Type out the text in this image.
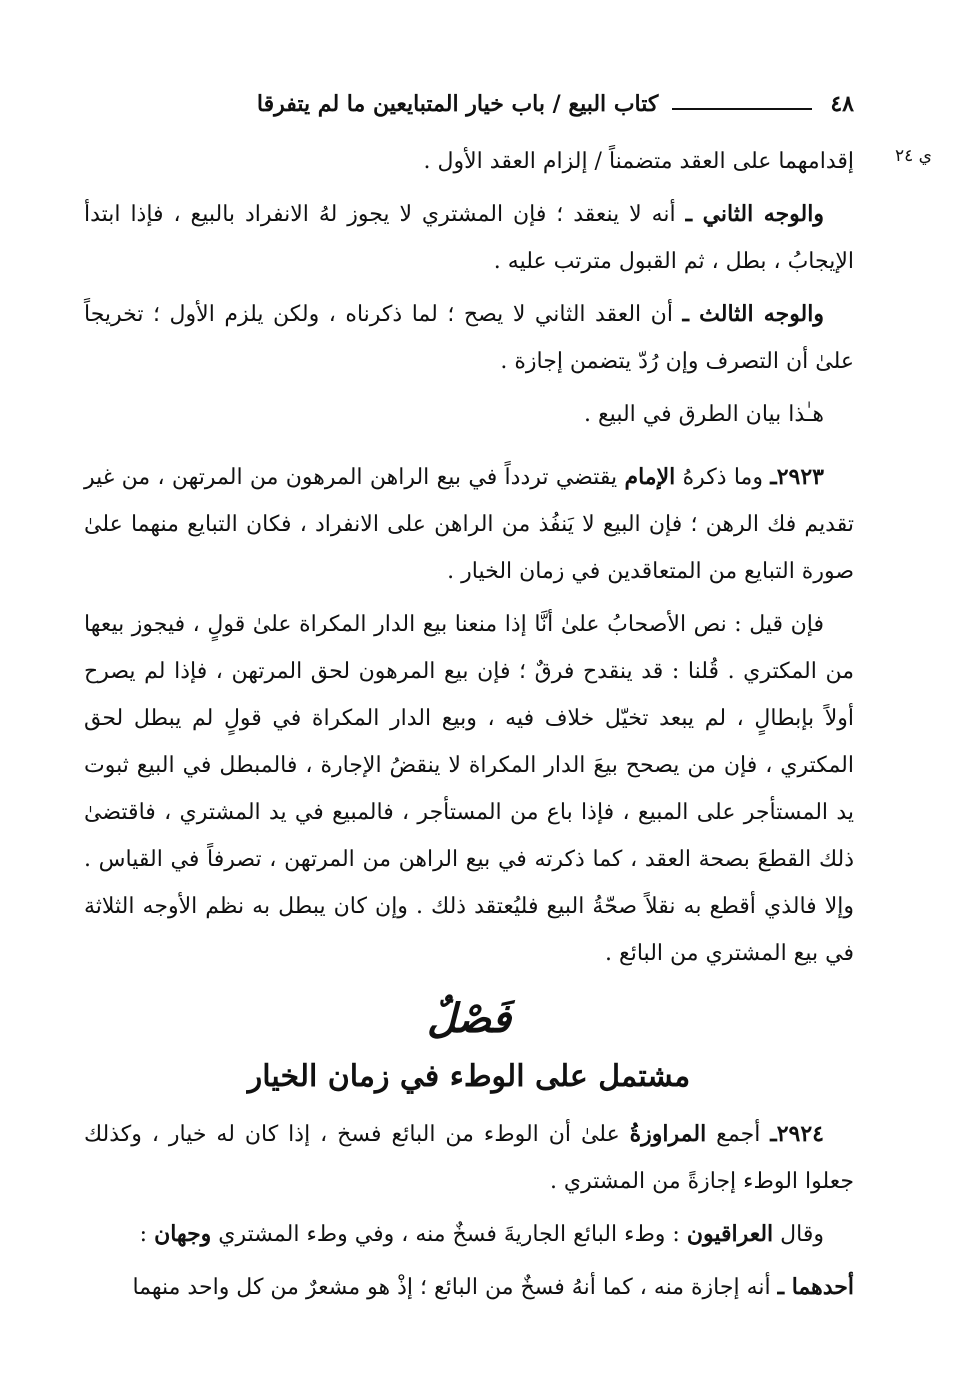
٤٨
كتاب البيع / باب خيار المتبايعين ما لم يتفرقا
ي ٢٤

إقدامهما على العقد متضمناً / إلزام العقد الأول .

والوجه الثاني ـ أنه لا ينعقد ؛ فإن المشتري لا يجوز لهُ الانفراد بالبيع ، فإذا ابتدأ الإيجابُ ، بطل ، ثم القبول مترتب عليه .

والوجه الثالث ـ أن العقد الثاني لا يصح ؛ لما ذكرناه ، ولكن يلزم الأول ؛ تخريجاً علىٰ أن التصرف وإن رُدّ يتضمن إجازة .

هـٰذا بيان الطرق في البيع .

٢٩٢٣ـ وما ذكرهُ الإمام يقتضي تردداً في بيع الراهن المرهون من المرتهن ، من غير تقديم فك الرهن ؛ فإن البيع لا يَنفُذ من الراهن على الانفراد ، فكان التبايع منهما علىٰ صورة التبايع من المتعاقدين في زمان الخيار .

فإن قيل : نص الأصحابُ علىٰ أنَّا إذا منعنا بيع الدار المكراة علىٰ قولٍ ، فيجوز بيعها من المكتري . قُلنا : قد ينقدح فرقٌ ؛ فإن بيع المرهون لحق المرتهن ، فإذا لم يصرح أولاً بإبطالٍ ، لم يبعد تخيّل خلاف فيه ، وبيع الدار المكراة في قولٍ لم يبطل لحق المكتري ، فإن من يصحح بيعَ الدار المكراة لا ينقضُ الإجارة ، فالمبطل في البيع ثبوت يد المستأجر على المبيع ، فإذا باع من المستأجر ، فالمبيع في يد المشتري ، فاقتضىٰ ذلك القطعَ بصحة العقد ، كما ذكرته في بيع الراهن من المرتهن ، تصرفاً في القياس . وإلا فالذي أقطع به نقلاً صحّةُ البيع فليُعتقد ذلك . وإن كان يبطل به نظم الأوجه الثلاثة في بيع المشتري من البائع .

فَصْلٌ
مشتمل على الوطء في زمان الخيار

٢٩٢٤ـ أجمع المراوزةُ علىٰ أن الوطء من البائع فسخ ، إذا كان له خيار ، وكذلك جعلوا الوطء إجازةً من المشتري .

وقال العراقيون : وطء البائع الجاريةَ فسخٌ منه ، وفي وطء المشتري وجهان :

أحدهما ـ أنه إجازة منه ، كما أنهُ فسخٌ من البائع ؛ إذْ هو مشعرٌ من كل واحد منهما
